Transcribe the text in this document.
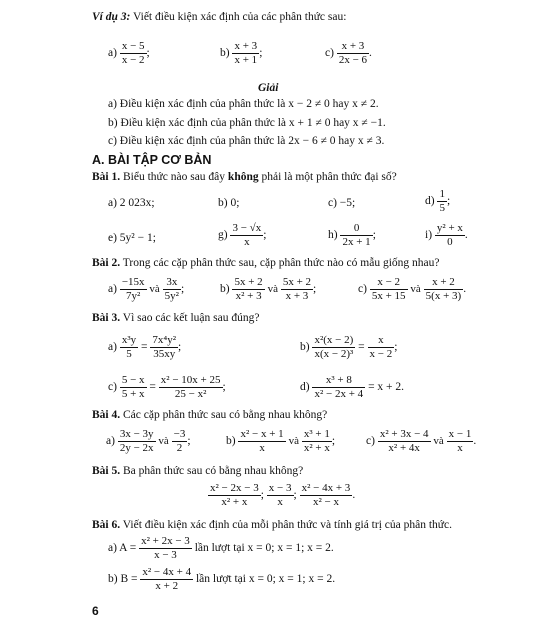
Ví dụ 3: Viết điều kiện xác định của các phân thức sau:
$a) \frac{x - 5}{x - 2}$ ;	$b) \frac{x + 3}{x + 1}$ ;	$c) \frac{x + 3}{2x - 6}$ .
Giải
a) Điều kiện xác định của phân thức là x − 2 ≠ 0 hay x ≠ 2.
b) Điều kiện xác định của phân thức là x + 1 ≠ 0 hay x ≠ −1.
c) Điều kiện xác định của phân thức là 2x − 6 ≠ 0 hay x ≠ 3.
A. BÀI TẬP CƠ BẢN
Bài 1. Biểu thức nào sau đây không phải là một phân thức đại số?
a) 2 023x;	b) 0;	c) −5;	$d) \frac{1}{5}$ ;
e) 5y² − 1;	$g) \frac{3 - √x}{x}$ ;	$h) \frac{0}{2x + 1}$ ;	$i) \frac{\text{y² + x}}{0}$ .
Bài 2. Trong các cặp phân thức sau, cặp phân thức nào có mẫu giống nhau?
$a) \frac{-15x}{\text{7y²}}$ và $\frac{3x}{\text{5y²}}$ ;	$b) \frac{5x + 2}{\text{x² + 3}}$ và $\frac{5x + 2}{x + 3}$ ;	$c) \frac{x - 2}{5x + 15}$ và $\frac{x + 2}{5(x + 3)}$ .
Bài 3. Vì sao các kết luận sau đúng?
$a) \frac{\text{x³y}}{5} = \frac{\text{7x⁴y²}}{35xy}$ ;	$b) \frac{\text{x²(x − 2)}}{\text{x(x − 2)³}} = \frac{x}{x - 2}$ ;
$c) \frac{5 - x}{5 + x} = \frac{\text{x² − 10x + 25}}{\text{25 − x²}}$ ;	$d) \frac{\text{x³ + 8}}{\text{x² − 2x + 4}} = x + 2$.
Bài 4. Các cặp phân thức sau có bằng nhau không?
$a) \frac{3x - 3y}{2y - 2x}$ và $\frac{-3}{2}$ ;	$b) \frac{\text{x² − x + 1}}{x}$ và $\frac{\text{x³ + 1}}{\text{x² + x}}$ ;	$c) \frac{\text{x² + 3x − 4}}{\text{x² + 4x}}$ và $\frac{x - 1}{x}$ .
Bài 5. Ba phân thức sau có bằng nhau không?
$\frac{\text{x² − 2x − 3}}{\text{x² + x}}$ ; $\frac{x - 3}{x}$ ; $\frac{\text{x² − 4x + 3}}{\text{x² − x}}$ .
Bài 6. Viết điều kiện xác định của mỗi phân thức và tính giá trị của phân thức.
a) $A = \frac{\text{x² + 2x − 3}}{x - 3}$ lần lượt tại x = 0; x = 1; x = 2.
b) $B = \frac{\text{x² − 4x + 4}}{x + 2}$ lần lượt tại x = 0; x = 1; x = 2.
6
